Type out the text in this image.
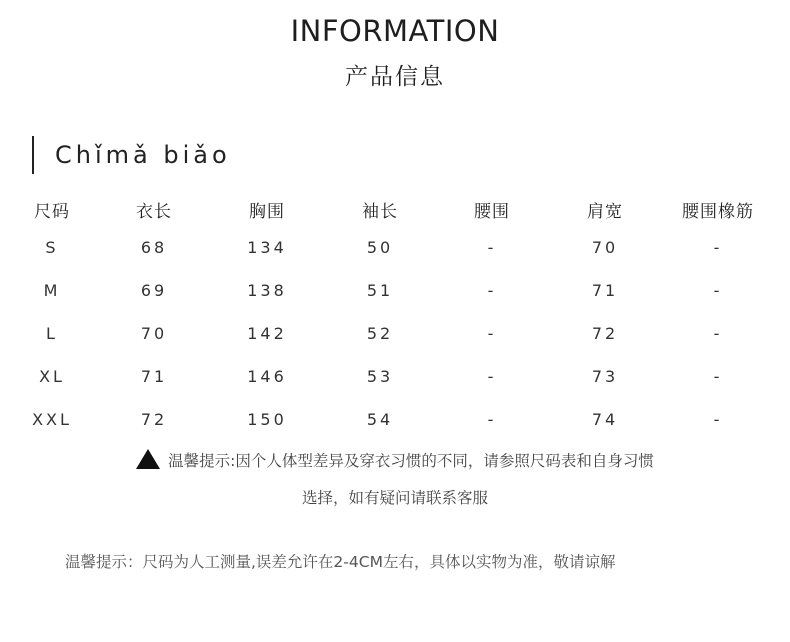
INFORMATION
产品信息
Chǐmǎ biǎo
尺码	衣长	胸围	袖长	腰围	肩宽	腰围橡筋
S	68	134	50	-	70	-
M	69	138	51	-	71	-
L	70	142	52	-	72	-
XL	71	146	53	-	73	-
XXL	72	150	54	-	74	-
温馨提示:因个人体型差异及穿衣习惯的不同，请参照尺码表和自身习惯
选择，如有疑问请联系客服
温馨提示：尺码为人工测量,误差允许在2-4CM左右，具体以实物为准，敬请谅解
